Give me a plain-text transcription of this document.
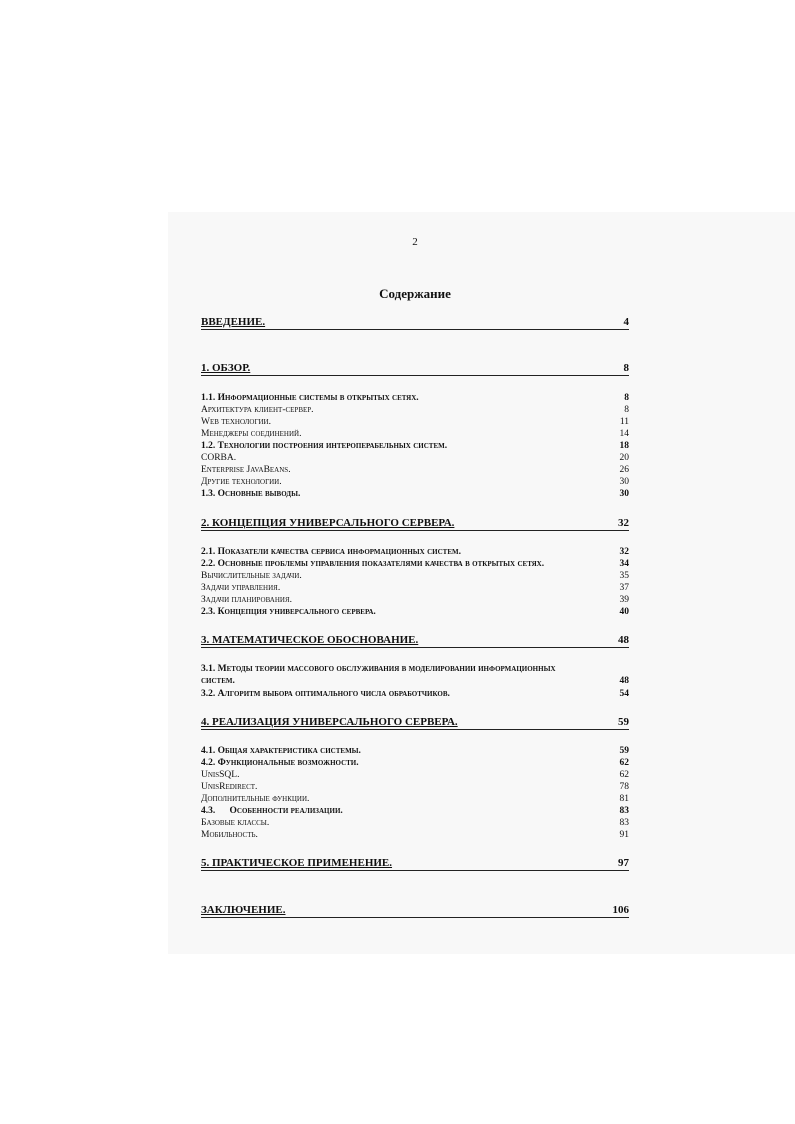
2
Содержание
ВВЕДЕНИЕ.	4
1. ОБЗОР.	8
1.1. Информационные системы в открытых сетях.	8
Архитектура клиент-сервер.	8
Web технологии.	11
Менеджеры соединений.	14
1.2. Технологии построения интеропераб‌ельных систем.	18
CORBA.	20
Enterprise JavaBeans.	26
Другие технологии.	30
1.3. Основные выводы.	30
2. КОНЦЕПЦИЯ УНИВЕРСАЛЬНОГО СЕРВЕРА.	32
2.1. Показатели качества сервиса информационных систем.	32
2.2. Основные проблемы управления показателями качества в открытых сетях.	34
Вычислительные задачи.	35
Задачи управления.	37
Задачи планирования.	39
2.3. Концепция универсального сервера.	40
3. МАТЕМАТИЧЕСКОЕ ОБОСНОВАНИЕ.	48
3.1. Методы теории массового обслуживания в моделировании информационных
систем.	48
3.2. Алгоритм выбора оптимального числа обработчиков.	54
4. РЕАЛИЗАЦИЯ УНИВЕРСАЛЬНОГО СЕРВЕРА.	59
4.1. Общая характеристика системы.	59
4.2. Функциональные возможности.	62
UnisSQL.	62
UnisRedirect.	78
Дополнительные функции.	81
4.3.      Особенности реализации.	83
Базовые классы.	83
Мобильность.	91
5. ПРАКТИЧЕСКОЕ ПРИМЕНЕНИЕ.	97
ЗАКЛЮЧЕНИЕ.	106
